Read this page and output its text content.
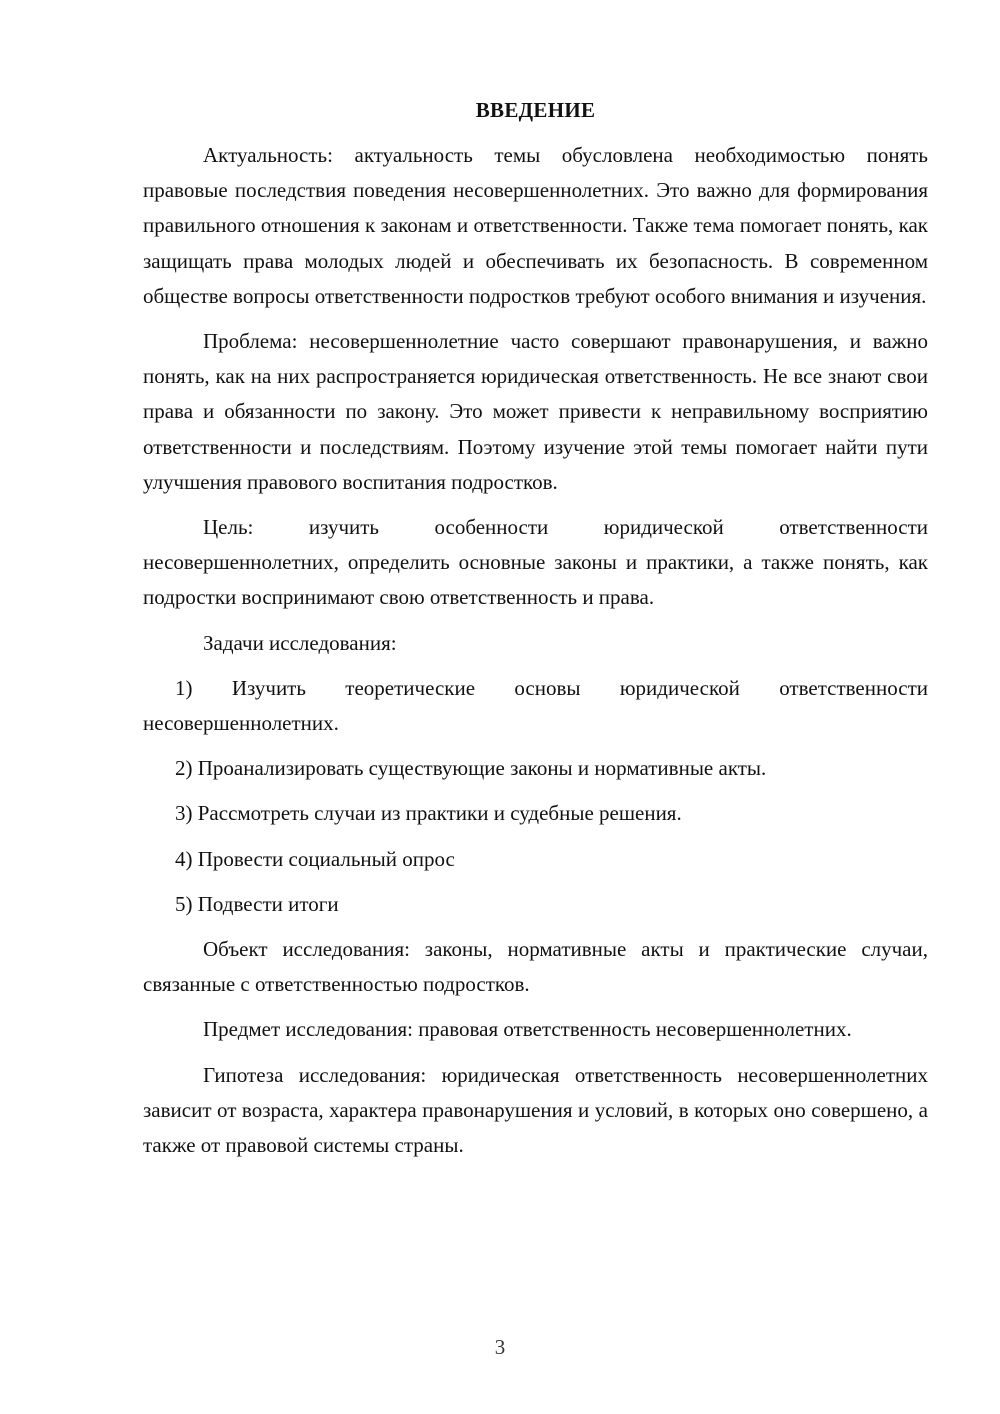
ВВЕДЕНИЕ

Актуальность: актуальность темы обусловлена необходимостью понять правовые последствия поведения несовершеннолетних. Это важно для формирования правильного отношения к законам и ответственности. Также тема помогает понять, как защищать права молодых людей и обеспечивать их безопасность. В современном обществе вопросы ответственности подростков требуют особого внимания и изучения.

Проблема: несовершеннолетние часто совершают правонарушения, и важно понять, как на них распространяется юридическая ответственность. Не все знают свои права и обязанности по закону. Это может привести к неправильному восприятию ответственности и последствиям. Поэтому изучение этой темы помогает найти пути улучшения правового воспитания подростков.

Цель: изучить особенности юридической ответственности несовершеннолетних, определить основные законы и практики, а также понять, как подростки воспринимают свою ответственность и права.

Задачи исследования:

1) Изучить теоретические основы юридической ответственности несовершеннолетних.

2) Проанализировать существующие законы и нормативные акты.

3) Рассмотреть случаи из практики и судебные решения.

4) Провести социальный опрос

5) Подвести итоги

Объект исследования: законы, нормативные акты и практические случаи, связанные с ответственностью подростков.

Предмет исследования: правовая ответственность несовершеннолетних.

Гипотеза исследования: юридическая ответственность несовершеннолетних зависит от возраста, характера правонарушения и условий, в которых оно совершено, а также от правовой системы страны.

3
